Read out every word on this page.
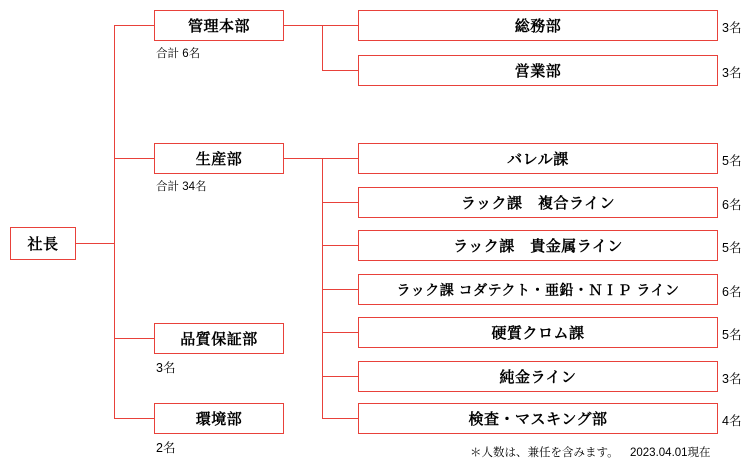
社長
管理本部
合計 6名
総務部	3名
営業部	3名
生産部
合計 34名
バレル課	5名
ラック課　複合ライン	6名
ラック課　貴金属ライン	5名
ラック課 コダテクト・亜鉛・ＮＩＰ ライン	6名
硬質クロム課	5名
純金ライン	3名
品質保証部
3名
環境部
2名
検査・マスキング部	4名
＊人数は、兼任を含みます。 2023.04.01現在
